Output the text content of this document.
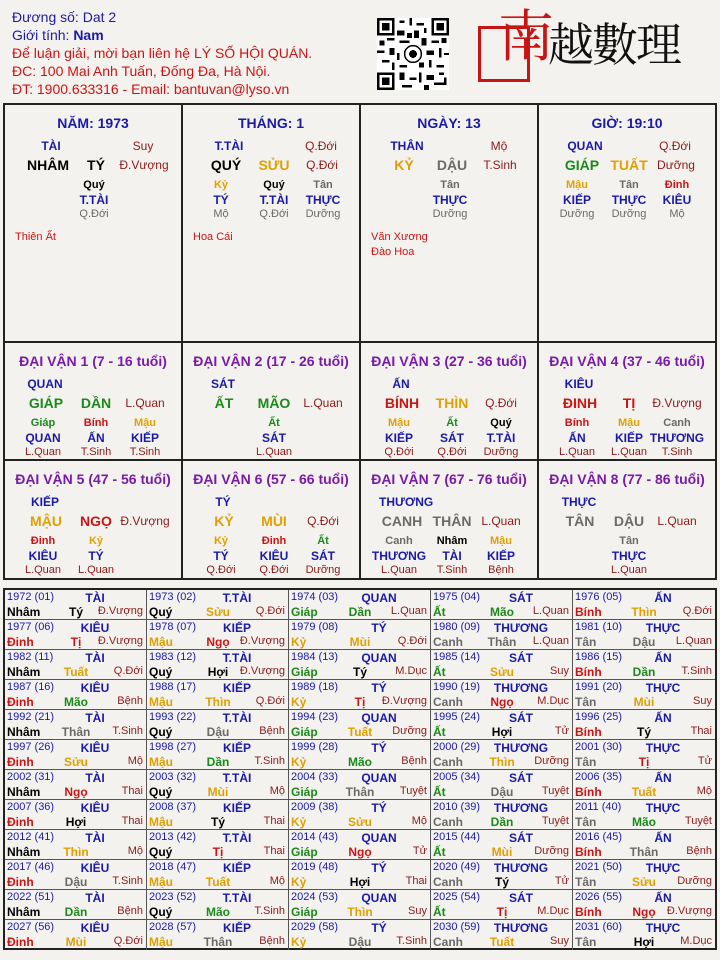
Đương số: Dat 2
Giới tính: Nam
Để luận giải, mời bạn liên hệ LÝ SỐ HỘI QUÁN.
ĐC: 100 Mai Anh Tuấn, Đống Đa, Hà Nội.
ĐT: 1900.633316 - Email: bantuvan@lyso.vn
南
越數理
NĂM: 1973
TÀI	Suy
NHÂM	TÝ	Đ.Vượng
Quý
T.TÀI
Q.Đới
Thiên Ất
THÁNG: 1
T.TÀI	Q.Đới
QUÝ	SỬU	Q.Đới
Kỷ
TÝ
Mộ
Quý
T.TÀI
Q.Đới
Tân
THỰC
Dưỡng
Hoa Cái
NGÀY: 13
THÂN	Mộ
KỶ	DẬU	T.Sinh
Tân
THỰC
Dưỡng
Văn Xương
Đào Hoa
GIỜ: 19:10
QUAN	Q.Đới
GIÁP TUẤT Dưỡng
Mậu
KIẾP
Dưỡng
Tân
THỰC
Dưỡng
Đinh
KIÊU
Mộ
ĐẠI VẬN 1 (7 - 16 tuổi)
QUAN
GIÁP	DẦN	L.Quan
Giáp
QUAN
L.Quan
Bính
ẤN
T.Sinh
Mậu
KIẾP
T.Sinh
ĐẠI VẬN 2 (17 - 26 tuổi)
SÁT
ẤT	MÃO	L.Quan
Ất
SÁT
L.Quan
ĐẠI VẬN 3 (27 - 36 tuổi)
ẤN
BÍNH	THÌN	Q.Đới
Mậu
KIẾP
Q.Đới
Ất
SÁT
Q.Đới
Quý
T.TÀI
Dưỡng
ĐẠI VẬN 4 (37 - 46 tuổi)
KIÊU
ĐINH	TỊ	Đ.Vượng
Bính
ẤN
L.Quan
Mậu
KIẾP
L.Quan
Canh
THƯƠNG
T.Sinh
ĐẠI VẬN 5 (47 - 56 tuổi)
KIẾP
MẬU	NGỌ Đ.Vượng
Đinh
KIÊU
L.Quan
Kỷ
TÝ
L.Quan
ĐẠI VẬN 6 (57 - 66 tuổi)
TÝ
KỶ	MÙI	Q.Đới
Kỷ
TÝ
Q.Đới
Đinh
KIÊU
Q.Đới
Ất
SÁT
Dưỡng
ĐẠI VẬN 7 (67 - 76 tuổi)
THƯƠNG
CANH THÂN L.Quan
Canh
THƯƠNG
L.Quan
Nhâm
TÀI
T.Sinh
Mậu
KIẾP
Bệnh
ĐẠI VẬN 8 (77 - 86 tuổi)
THỰC
TÂN	DẬU	L.Quan
Tân
THỰC
L.Quan
1972 (01)	TÀI
Nhâm	Tý	Đ.Vượng
1973 (02)	T.TÀI
Quý	Sửu	Q.Đới
1974 (03)	QUAN
Giáp	Dần	L.Quan
1975 (04)	SÁT
Ất	Mão	L.Quan
1976 (05)	ẤN
Bính	Thìn	Q.Đới
1977 (06)	KIÊU
Đinh	Tị	Đ.Vượng
1978 (07)	KIẾP
Mậu	Ngọ Đ.Vượng
1979 (08)	TÝ
Kỷ	Mùi	Q.Đới
1980 (09)	THƯƠNG
Canh	Thân	L.Quan
1981 (10)	THỰC
Tân	Dậu	L.Quan
1982 (11)	TÀI
Nhâm	Tuất	Q.Đới
1983 (12)	T.TÀI
Quý	Hợi	Đ.Vượng
1984 (13)	QUAN
Giáp	Tý	M.Dục
1985 (14)	SÁT
Ất	Sửu	Suy
1986 (15)	ẤN
Bính	Dần	T.Sinh
1987 (16)	KIÊU
Đinh	Mão	Bệnh
1988 (17)	KIẾP
Mậu	Thìn	Q.Đới
1989 (18)	TÝ
Kỷ	Tị	Đ.Vượng
1990 (19)	THƯƠNG
Canh	Ngọ	M.Dục
1991 (20)	THỰC
Tân	Mùi	Suy
1992 (21)	TÀI
Nhâm	Thân	T.Sinh
1993 (22)	T.TÀI
Quý	Dậu	Bệnh
1994 (23)	QUAN
Giáp	Tuất	Dưỡng
1995 (24)	SÁT
Ất	Hợi	Tử
1996 (25)	ẤN
Bính	Tý	Thai
1997 (26)	KIÊU
Đinh	Sửu	Mộ
1998 (27)	KIẾP
Mậu	Dần	T.Sinh
1999 (28)	TÝ
Kỷ	Mão	Bệnh
2000 (29)	THƯƠNG
Canh	Thìn	Dưỡng
2001 (30)	THỰC
Tân	Tị	Tử
2002 (31)	TÀI
Nhâm	Ngọ	Thai
2003 (32)	T.TÀI
Quý	Mùi	Mộ
2004 (33)	QUAN
Giáp	Thân	Tuyệt
2005 (34)	SÁT
Ất	Dậu	Tuyệt
2006 (35)	ẤN
Bính	Tuất	Mộ
2007 (36)	KIÊU
Đinh	Hợi	Thai
2008 (37)	KIẾP
Mậu	Tý	Thai
2009 (38)	TÝ
Kỷ	Sửu	Mộ
2010 (39)	THƯƠNG
Canh	Dần	Tuyệt
2011 (40)	THỰC
Tân	Mão	Tuyệt
2012 (41)	TÀI
Nhâm	Thìn	Mộ
2013 (42)	T.TÀI
Quý	Tị	Thai
2014 (43)	QUAN
Giáp	Ngọ	Tử
2015 (44)	SÁT
Ất	Mùi	Dưỡng
2016 (45)	ẤN
Bính	Thân	Bệnh
2017 (46)	KIÊU
Đinh	Dậu	T.Sinh
2018 (47)	KIẾP
Mậu	Tuất	Mộ
2019 (48)	TÝ
Kỷ	Hợi	Thai
2020 (49)	THƯƠNG
Canh	Tý	Tử
2021 (50)	THỰC
Tân	Sửu	Dưỡng
2022 (51)	TÀI
Nhâm	Dần	Bệnh
2023 (52)	T.TÀI
Quý	Mão	T.Sinh
2024 (53)	QUAN
Giáp	Thìn	Suy
2025 (54)	SÁT
Ất	Tị	M.Dục
2026 (55)	ẤN
Bính	Ngọ	Đ.Vượng
2027 (56)	KIÊU
Đinh	Mùi	Q.Đới
2028 (57)	KIẾP
Mậu	Thân	Bệnh
2029 (58)	TÝ
Kỷ	Dậu	T.Sinh
2030 (59)	THƯƠNG
Canh	Tuất	Suy
2031 (60)	THỰC
Tân	Hợi	M.Dục
